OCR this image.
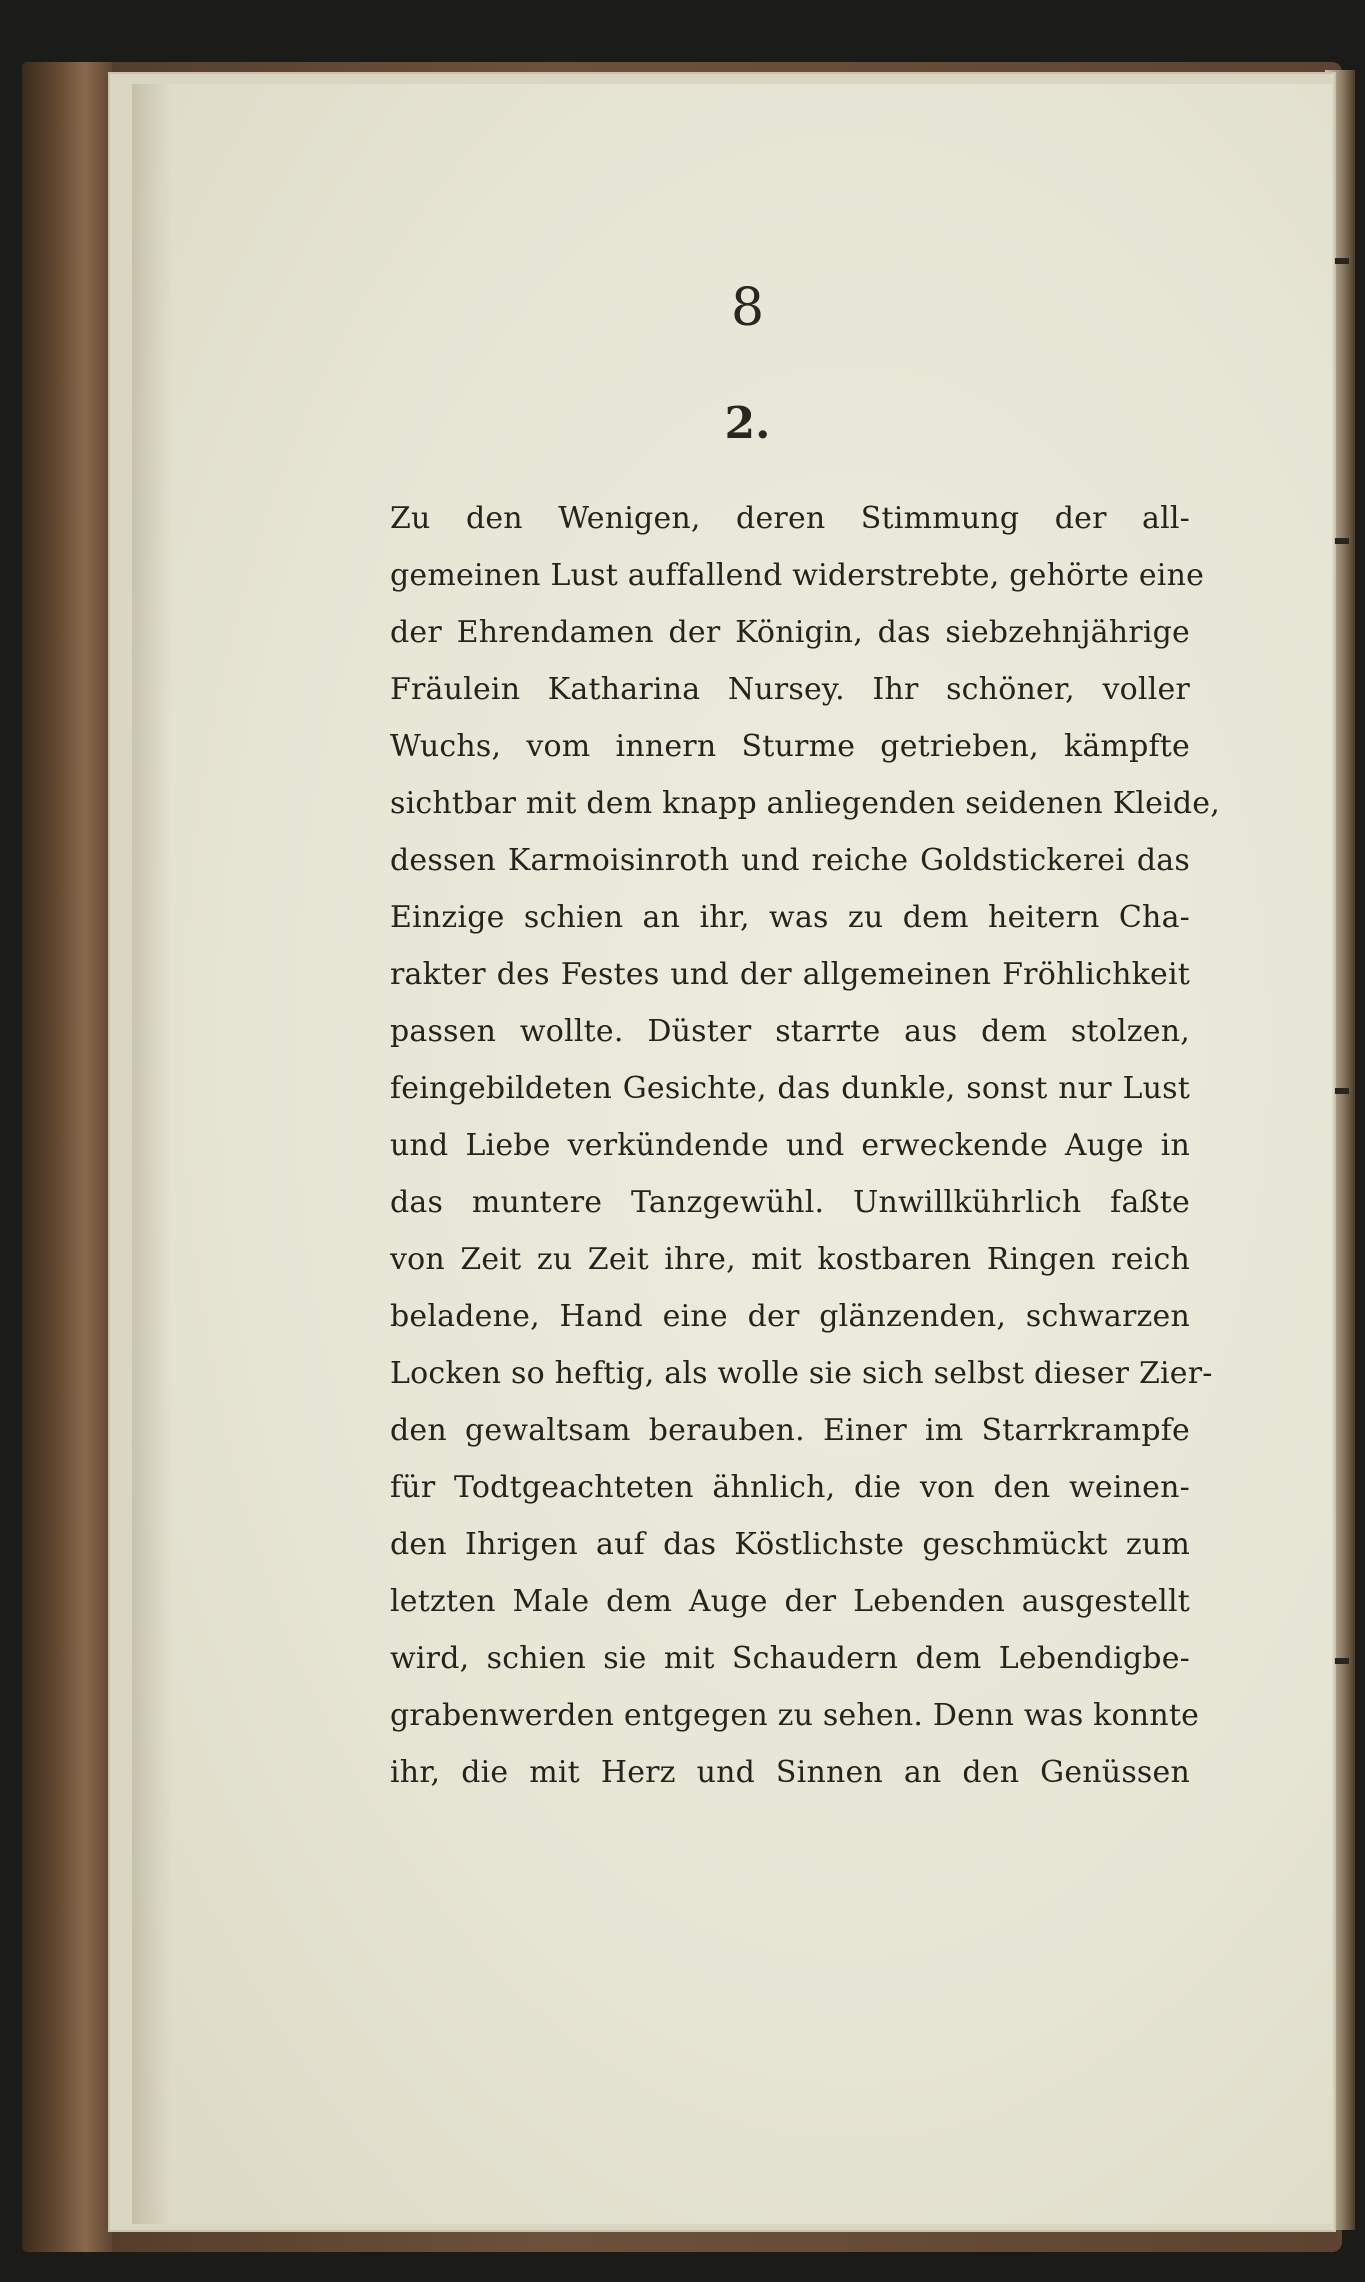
8

2.

Zu den Wenigen, deren Stimmung der all-
gemeinen Lust auffallend widerstrebte, gehörte eine
der Ehrendamen der Königin, das siebzehnjährige
Fräulein Katharina Nursey. Ihr schöner, voller
Wuchs, vom innern Sturme getrieben, kämpfte
sichtbar mit dem knapp anliegenden seidenen Kleide,
dessen Karmoisinroth und reiche Goldstickerei das
Einzige schien an ihr, was zu dem heitern Cha-
rakter des Festes und der allgemeinen Fröhlichkeit
passen wollte. Düster starrte aus dem stolzen,
feingebildeten Gesichte, das dunkle, sonst nur Lust
und Liebe verkündende und erweckende Auge in
das muntere Tanzgewühl. Unwillkührlich faßte
von Zeit zu Zeit ihre, mit kostbaren Ringen reich
beladene, Hand eine der glänzenden, schwarzen
Locken so heftig, als wolle sie sich selbst dieser Zier-
den gewaltsam berauben. Einer im Starrkrampfe
für Todtgeachteten ähnlich, die von den weinen-
den Ihrigen auf das Köstlichste geschmückt zum
letzten Male dem Auge der Lebenden ausgestellt
wird, schien sie mit Schaudern dem Lebendigbe-
grabenwerden entgegen zu sehen. Denn was konnte
ihr, die mit Herz und Sinnen an den Genüssen
